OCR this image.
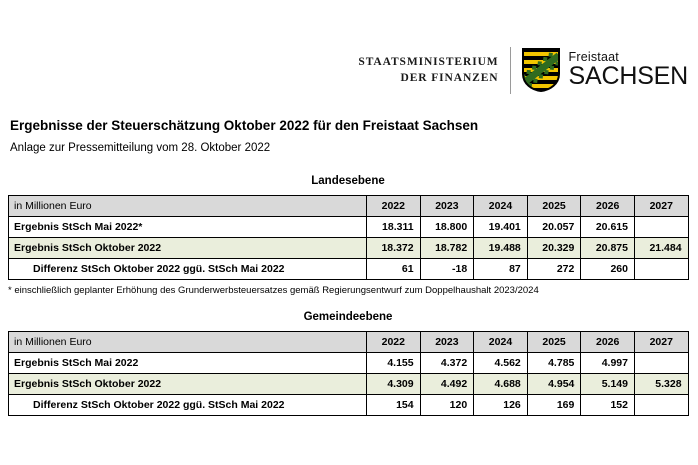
STAATSMINISTERIUM
DER FINANZEN
Freistaat
SACHSEN
Ergebnisse der Steuerschätzung Oktober 2022 für den Freistaat Sachsen
Anlage zur Pressemitteilung vom 28. Oktober 2022
Landesebene
in Millionen Euro	2022	2023	2024	2025	2026	2027
Ergebnis StSch Mai 2022*	18.311	18.800	19.401	20.057	20.615	
Ergebnis StSch Oktober 2022	18.372	18.782	19.488	20.329	20.875	21.484
Differenz StSch Oktober 2022 ggü. StSch Mai 2022	61	-18	87	272	260	
* einschließlich geplanter Erhöhung des Grunderwerbsteuersatzes gemäß Regierungsentwurf zum Doppelhaushalt 2023/2024
Gemeindeebene
in Millionen Euro	2022	2023	2024	2025	2026	2027
Ergebnis StSch Mai 2022	4.155	4.372	4.562	4.785	4.997	
Ergebnis StSch Oktober 2022	4.309	4.492	4.688	4.954	5.149	5.328
Differenz StSch Oktober 2022 ggü. StSch Mai 2022	154	120	126	169	152	
